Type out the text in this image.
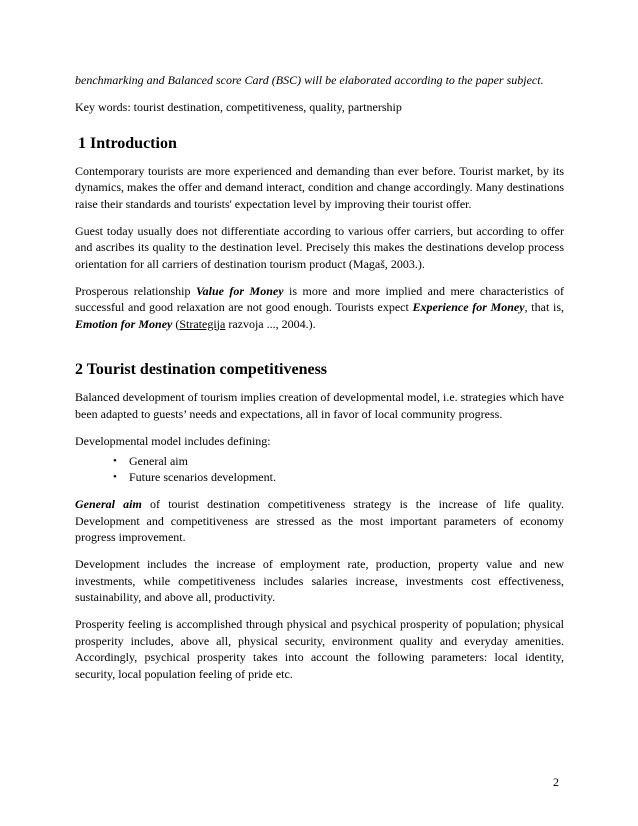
benchmarking and Balanced score Card (BSC) will be elaborated according to the paper subject.

Key words: tourist destination, competitiveness, quality, partnership

1 Introduction

Contemporary tourists are more experienced and demanding than ever before. Tourist market, by its dynamics, makes the offer and demand interact, condition and change accordingly. Many destinations raise their standards and tourists' expectation level by improving their tourist offer.

Guest today usually does not differentiate according to various offer carriers, but according to offer and ascribes its quality to the destination level. Precisely this makes the destinations develop process orientation for all carriers of destination tourism product (Magaš, 2003.).

Prosperous relationship Value for Money is more and more implied and mere characteristics of successful and good relaxation are not good enough. Tourists expect Experience for Money, that is, Emotion for Money (Strategija razvoja ..., 2004.).

2 Tourist destination competitiveness

Balanced development of tourism implies creation of developmental model, i.e. strategies which have been adapted to guests’ needs and expectations, all in favor of local community progress.

Developmental model includes defining:

• General aim
• Future scenarios development.

General aim of tourist destination competitiveness strategy is the increase of life quality. Development and competitiveness are stressed as the most important parameters of economy progress improvement.

Development includes the increase of employment rate, production, property value and new investments, while competitiveness includes salaries increase, investments cost effectiveness, sustainability, and above all, productivity.

Prosperity feeling is accomplished through physical and psychical prosperity of population; physical prosperity includes, above all, physical security, environment quality and everyday amenities. Accordingly, psychical prosperity takes into account the following parameters: local identity, security, local population feeling of pride etc.

2
